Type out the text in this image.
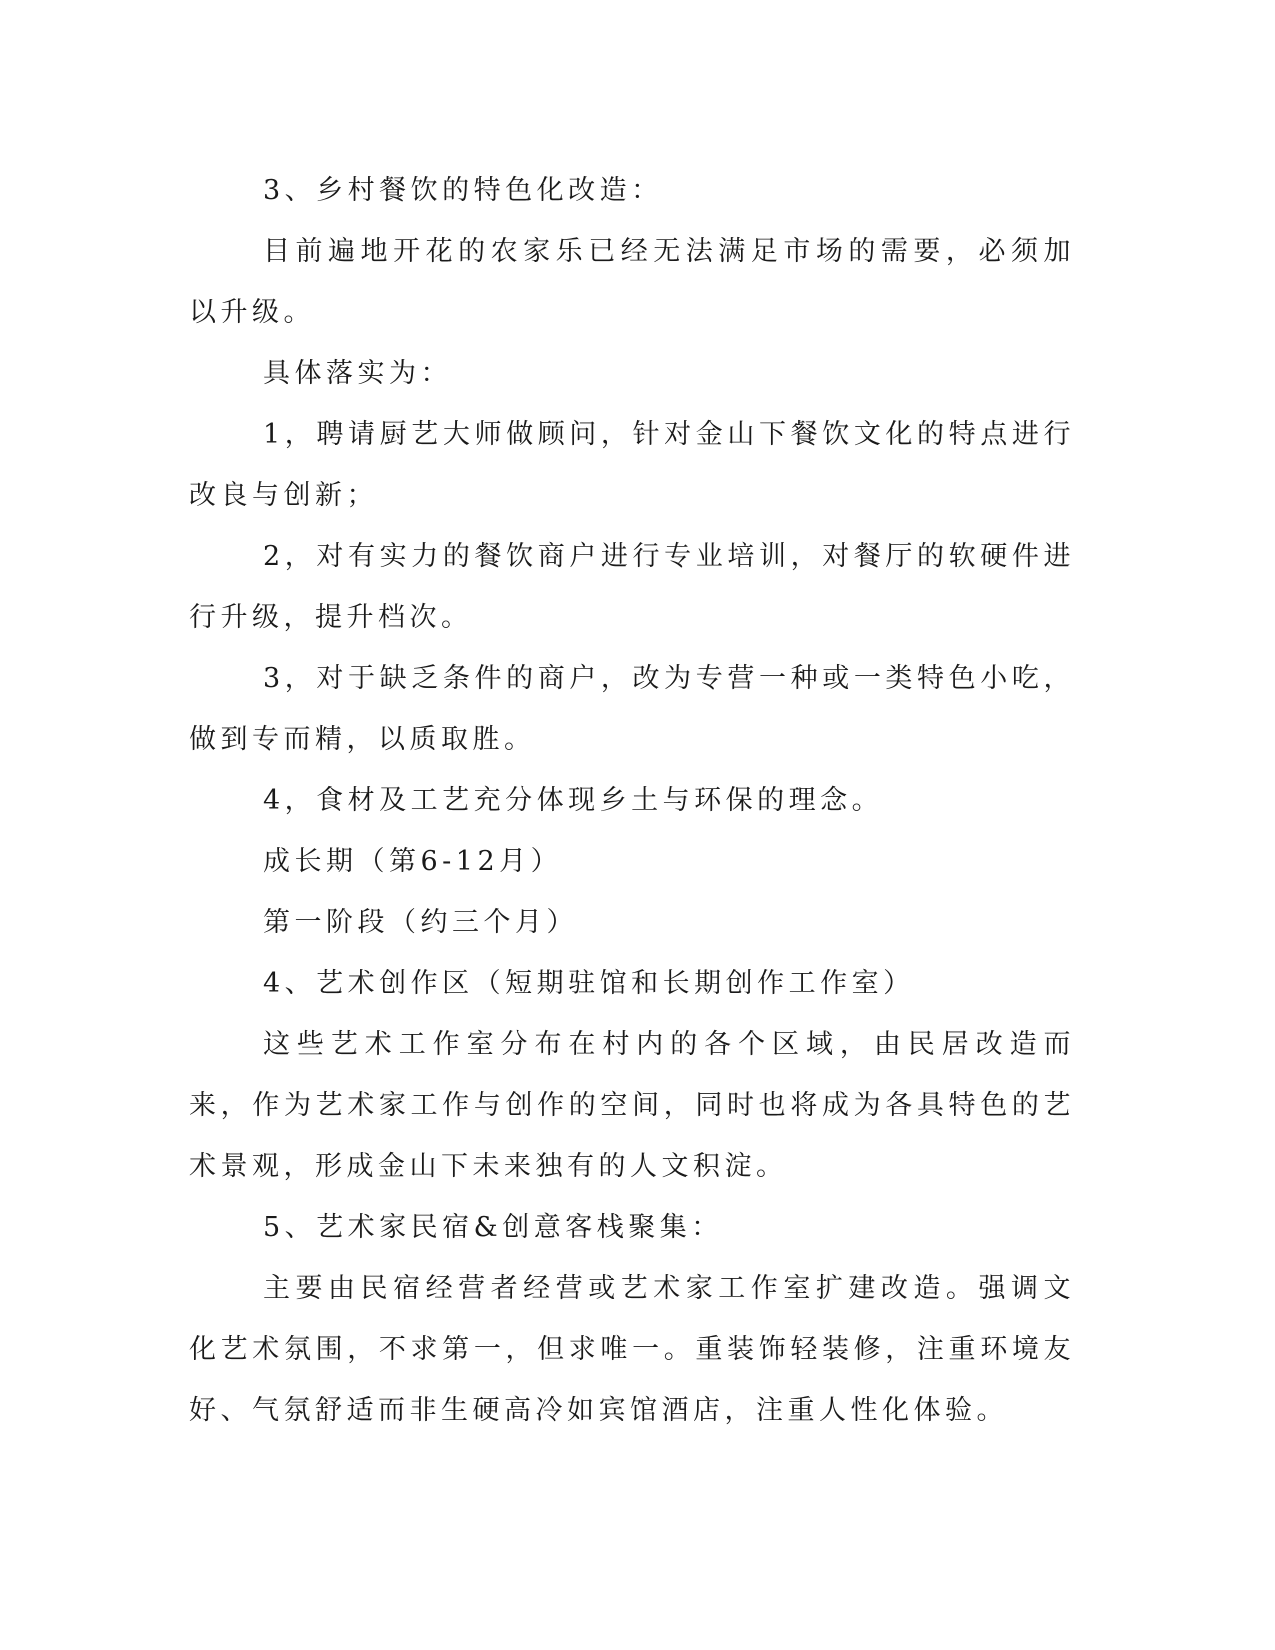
3、乡村餐饮的特色化改造：

目前遍地开花的农家乐已经无法满足市场的需要，必须加以升级。

具体落实为：

1，聘请厨艺大师做顾问，针对金山下餐饮文化的特点进行改良与创新；

2，对有实力的餐饮商户进行专业培训，对餐厅的软硬件进行升级，提升档次。

3，对于缺乏条件的商户，改为专营一种或一类特色小吃，做到专而精，以质取胜。

4，食材及工艺充分体现乡土与环保的理念。

成长期（第6-12月）

第一阶段（约三个月）

4、艺术创作区（短期驻馆和长期创作工作室）

这些艺术工作室分布在村内的各个区域，由民居改造而来，作为艺术家工作与创作的空间，同时也将成为各具特色的艺术景观，形成金山下未来独有的人文积淀。

5、艺术家民宿&创意客栈聚集：

主要由民宿经营者经营或艺术家工作室扩建改造。强调文化艺术氛围，不求第一，但求唯一。重装饰轻装修，注重环境友好、气氛舒适而非生硬高冷如宾馆酒店，注重人性化体验。
